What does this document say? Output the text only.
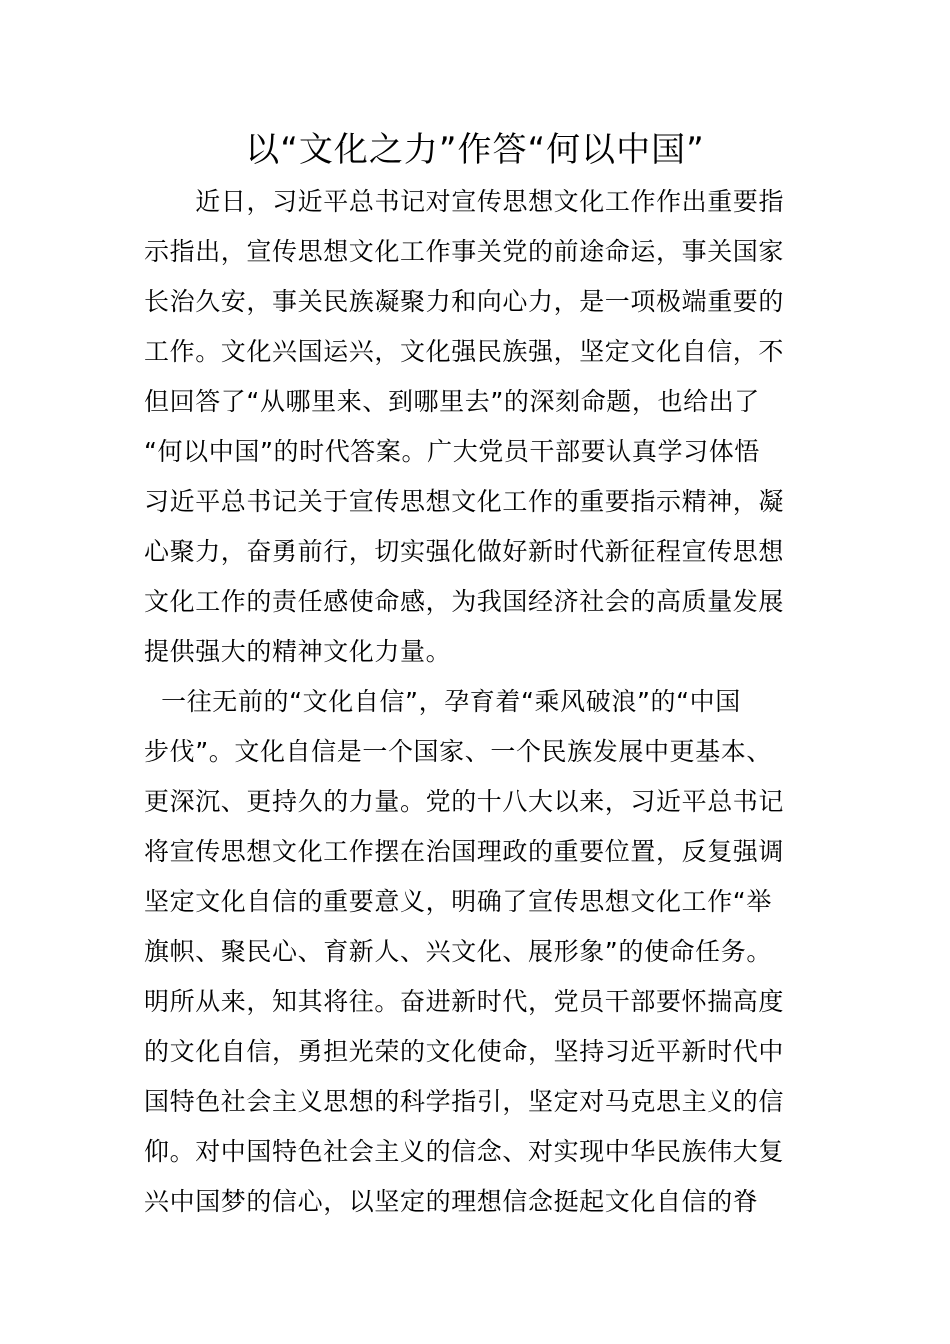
以“文化之力”作答“何以中国”
近日，习近平总书记对宣传思想文化工作作出重要指
示指出，宣传思想文化工作事关党的前途命运，事关国家
长治久安，事关民族凝聚力和向心力，是一项极端重要的
工作。文化兴国运兴，文化强民族强，坚定文化自信，不
但回答了“从哪里来、到哪里去”的深刻命题，也给出了
“何以中国”的时代答案。广大党员干部要认真学习体悟
习近平总书记关于宣传思想文化工作的重要指示精神，凝
心聚力，奋勇前行，切实强化做好新时代新征程宣传思想
文化工作的责任感使命感，为我国经济社会的高质量发展
提供强大的精神文化力量。
一往无前的“文化自信”，孕育着“乘风破浪”的“中国
步伐”。文化自信是一个国家、一个民族发展中更基本、
更深沉、更持久的力量。党的十八大以来，习近平总书记
将宣传思想文化工作摆在治国理政的重要位置，反复强调
坚定文化自信的重要意义，明确了宣传思想文化工作“举
旗帜、聚民心、育新人、兴文化、展形象”的使命任务。
明所从来，知其将往。奋进新时代，党员干部要怀揣高度
的文化自信，勇担光荣的文化使命，坚持习近平新时代中
国特色社会主义思想的科学指引，坚定对马克思主义的信
仰。对中国特色社会主义的信念、对实现中华民族伟大复
兴中国梦的信心，以坚定的理想信念挺起文化自信的脊
